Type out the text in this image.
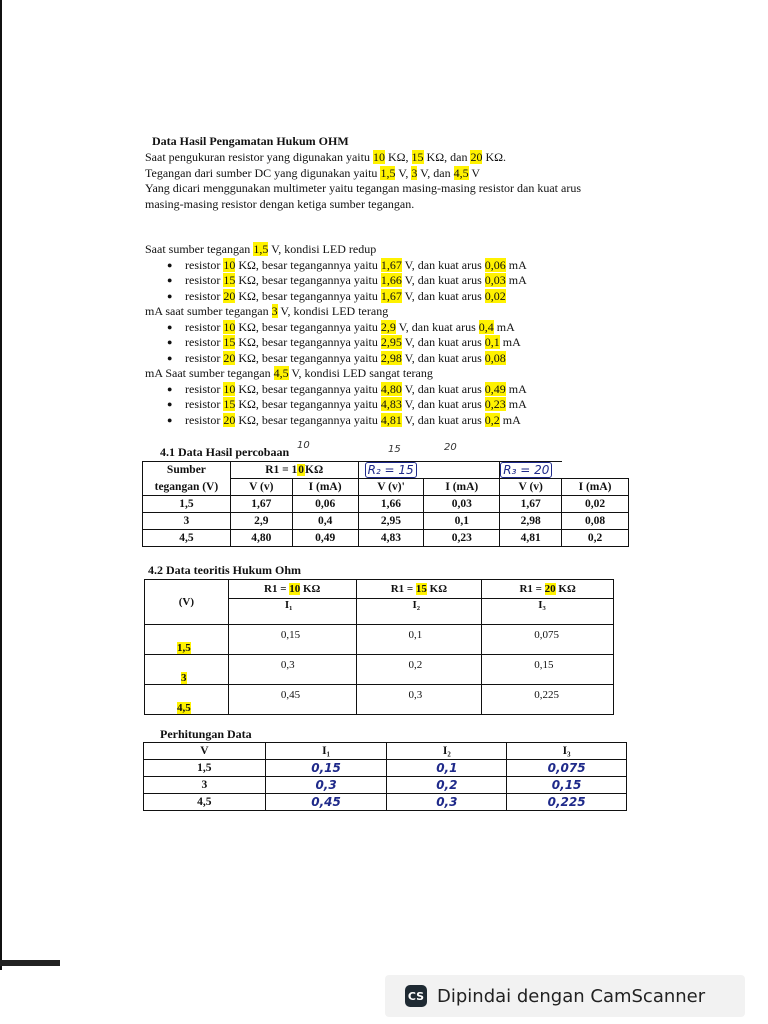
Data Hasil Pengamatan Hukum OHM
Saat pengukuran resistor yang digunakan yaitu 10 KΩ, 15 KΩ, dan 20 KΩ.
Tegangan dari sumber DC yang digunakan yaitu 1,5 V, 3 V, dan 4,5 V
Yang dicari menggunakan multimeter yaitu tegangan masing-masing resistor dan kuat arus
masing-masing resistor dengan ketiga sumber tegangan.
Saat sumber tegangan 1,5 V, kondisi LED redup
● resistor 10 KΩ, besar tegangannya yaitu 1,67 V, dan kuat arus 0,06 mA
● resistor 15 KΩ, besar tegangannya yaitu 1,66 V, dan kuat arus 0,03 mA
● resistor 20 KΩ, besar tegangannya yaitu 1,67 V, dan kuat arus 0,02
mA saat sumber tegangan 3 V, kondisi LED terang
● resistor 10 KΩ, besar tegangannya yaitu 2,9 V, dan kuat arus 0,4 mA
● resistor 15 KΩ, besar tegangannya yaitu 2,95 V, dan kuat arus 0,1 mA
● resistor 20 KΩ, besar tegangannya yaitu 2,98 V, dan kuat arus 0,08
mA Saat sumber tegangan 4,5 V, kondisi LED sangat terang
● resistor 10 KΩ, besar tegangannya yaitu 4,80 V, dan kuat arus 0,49 mA
● resistor 15 KΩ, besar tegangannya yaitu 4,83 V, dan kuat arus 0,23 mA
● resistor 20 KΩ, besar tegangannya yaitu 4,81 V, dan kuat arus 0,2 mA
10	15	20
4.1 Data Hasil percobaan
Sumber	R1 = 10KΩ		R₂ = 15		R₃ = 20	
tegangan (V)	V (v)	I (mA)	V (v)'	I (mA)	V (v)	I (mA)
1,5	1,67	0,06	1,66	0,03	1,67	0,02
3	2,9	0,4	2,95	0,1	2,98	0,08
4,5	4,80	0,49	4,83	0,23	4,81	0,2
4.2 Data teoritis Hukum Ohm
(V)	R1 = 10 KΩ	R1 = 15 KΩ	R1 = 20 KΩ
	I₁	I₂	I₃
1,5	0,15	0,1	0,075
3	0,3	0,2	0,15
4,5	0,45	0,3	0,225
Perhitungan Data
V	I₁	I₂	I₃
1,5	0,15	0,1	0,075
3	0,3	0,2	0,15
4,5	0,45	0,3	0,225
CS Dipindai dengan CamScanner
